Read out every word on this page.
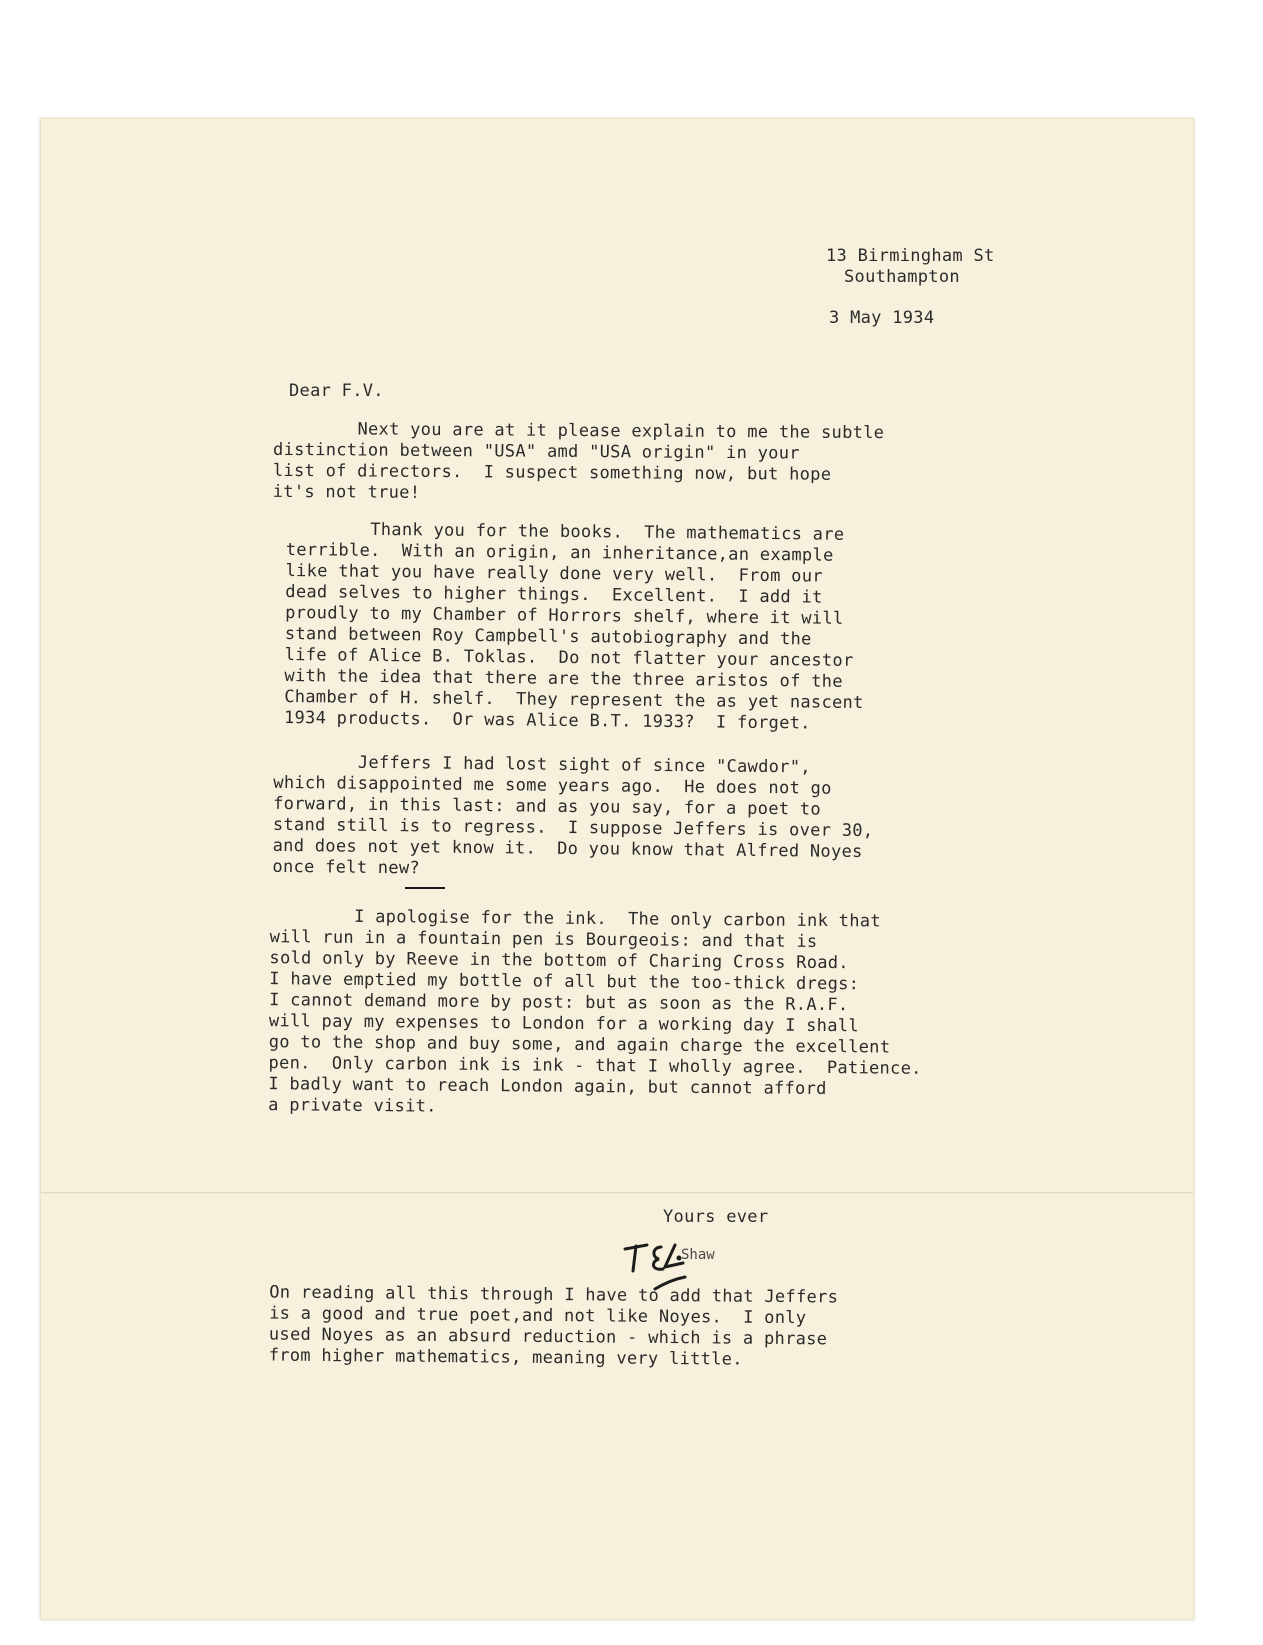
13 Birmingham St
Southampton
3 May 1934
Dear F.V.
Next you are at it please explain to me the subtle
distinction between "USA" amd "USA origin" in your
list of directors.  I suspect something now, but hope
it's not true!
Thank you for the books.  The mathematics are
terrible.  With an origin, an inheritance,an example
like that you have really done very well.  From our
dead selves to higher things.  Excellent.  I add it
proudly to my Chamber of Horrors shelf, where it will
stand between Roy Campbell's autobiography and the
life of Alice B. Toklas.  Do not flatter your ancestor
with the idea that there are the three aristos of the
Chamber of H. shelf.  They represent the as yet nascent
1934 products.  Or was Alice B.T. 1933?  I forget.
Jeffers I had lost sight of since "Cawdor",
which disappointed me some years ago.  He does not go
forward, in this last: and as you say, for a poet to
stand still is to regress.  I suppose Jeffers is over 30,
and does not yet know it.  Do you know that Alfred Noyes
once felt new?
I apologise for the ink.  The only carbon ink that
will run in a fountain pen is Bourgeois: and that is
sold only by Reeve in the bottom of Charing Cross Road.
I have emptied my bottle of all but the too-thick dregs:
I cannot demand more by post: but as soon as the R.A.F.
will pay my expenses to London for a working day I shall
go to the shop and buy some, and again charge the excellent
pen.  Only carbon ink is ink - that I wholly agree.  Patience.
I badly want to reach London again, but cannot afford
a private visit.
Yours ever
Shaw
On reading all this through I have to add that Jeffers
is a good and true poet,and not like Noyes.  I only
used Noyes as an absurd reduction - which is a phrase
from higher mathematics, meaning very little.
